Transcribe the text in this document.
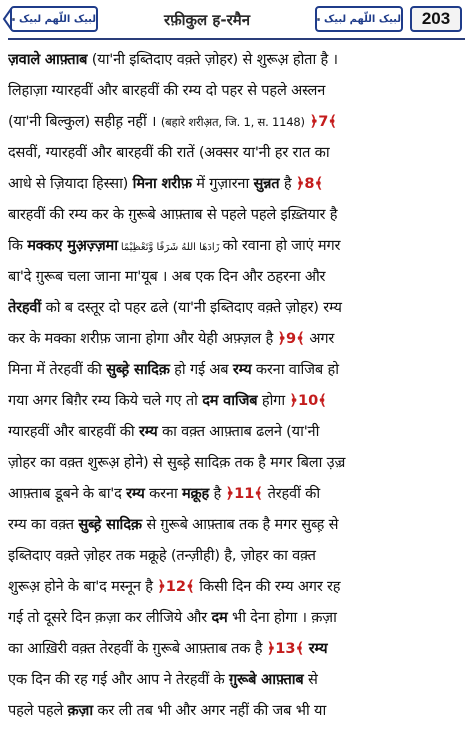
لبیک اللّھم لبیک	रफ़ीकुल ह-रमैन	لبیک اللّھم لبیک 203
ज़वाले आफ़्ताब (या'नी इब्तिदाए वक़्ते ज़ोहर) से शुरूअ़ होता है ।
लिहाज़ा ग्यारहवीं और बारहवीं की रम्य दो पहर से पहले अस्लन
(या'नी बिल्कुल) सहीह़ नहीं । (बहारे शरीअ़त, जि. 1, स. 1148) ﴿7﴾
दसवीं, ग्यारहवीं और बारहवीं की रातें (अक्सर या'नी हर रात का
आधे से ज़ियादा हिस्सा) मिना शरीफ़ में गुज़ारना सुन्नत है ﴿8﴾
बारहवीं की रम्य कर के ग़ुरूबे आफ़्ताब से पहले पहले इख़्तियार है
कि मक्कए मुअ़ज़्ज़मा زَادَهَا اللهُ شَرَفًا وَّتَعْظِيْمًا को रवाना हो जाएं मगर
बा'दे ग़ुरूब चला जाना मा'यूब । अब एक दिन और ठहरना और
तेरहवीं को ब दस्तूर दो पहर ढले (या'नी इब्तिदाए वक़्ते ज़ोहर) रम्य
कर के मक्का शरीफ़ जाना होगा और येही अफ़्ज़ल है ﴿9﴾ अगर
मिना में तेरहवीं की सुब्ह़े सादिक़ हो गई अब रम्य करना वाजिब हो
गया अगर बिग़ैर रम्य किये चले गए तो दम वाजिब होगा ﴿10﴾
ग्यारहवीं और बारहवीं की रम्य का वक़्त आफ़्ताब ढलने (या'नी
ज़ोहर का वक़्त शुरूअ़ होने) से सुब्ह़े सादिक़ तक है मगर बिला उ़ज़्र
आफ़्ताब डूबने के बा'द रम्य करना मक्रूह है ﴿11﴾ तेरहवीं की
रम्य का वक़्त सुब्ह़े सादिक़ से ग़ुरूबे आफ़्ताब तक है मगर सुब्ह़ से
इब्तिदाए वक़्ते ज़ोहर तक मक्रूहे (तन्ज़ीही) है, ज़ोहर का वक़्त
शुरूअ़ होने के बा'द मस्नून है ﴿12﴾ किसी दिन की रम्य अगर रह
गई तो दूसरे दिन क़ज़ा कर लीजिये और दम भी देना होगा । क़ज़ा
का आख़िरी वक़्त तेरहवीं के ग़ुरूबे आफ़्ताब तक है ﴿13﴾ रम्य
एक दिन की रह गई और आप ने तेरहवीं के ग़ुरूबे आफ़्ताब से
पहले पहले क़ज़ा कर ली तब भी और अगर नहीं की जब भी या
